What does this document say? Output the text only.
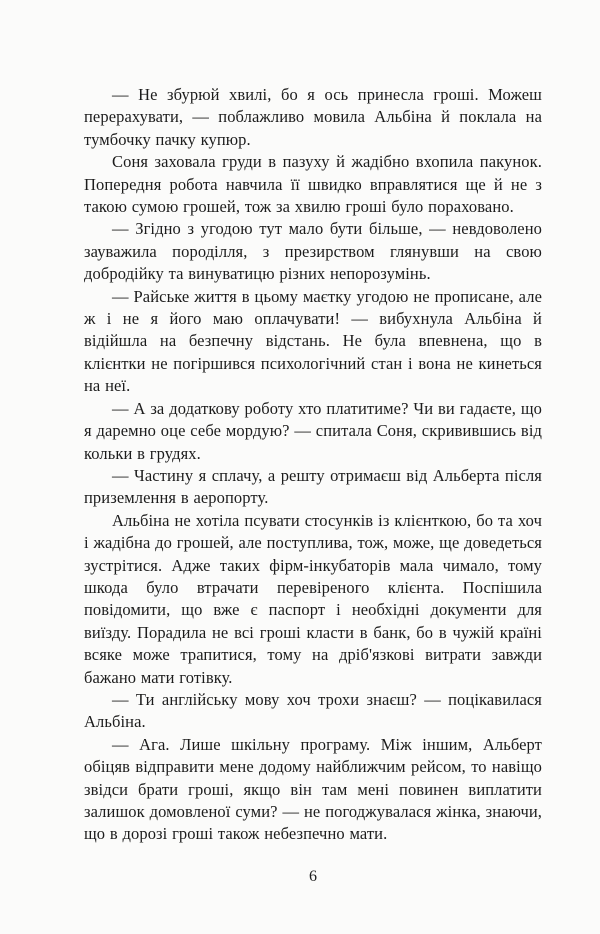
— Не збурюй хвилі, бо я ось принесла гроші. Можеш перерахувати, — поблажливо мовила Альбіна й поклала на тумбочку пачку купюр.

Соня заховала груди в пазуху й жадібно вхопила пакунок. Попередня робота навчила її швидко вправлятися ще й не з такою сумою грошей, тож за хвилю гроші було пораховано.

— Згідно з угодою тут мало бути більше, — невдоволено зауважила породілля, з презирством глянувши на свою добродійку та винуватицю різних непорозумінь.

— Райське життя в цьому маєтку угодою не прописане, але ж і не я його маю оплачувати! — вибухнула Альбіна й відійшла на безпечну відстань. Не була впевнена, що в клієнтки не погіршився психологічний стан і вона не кинеться на неї.

— А за додаткову роботу хто платитиме? Чи ви гадаєте, що я даремно оце себе мордую? — спитала Соня, скривившись від кольки в грудях.

— Частину я сплачу, а решту отримаєш від Альберта після приземлення в аеропорту.

Альбіна не хотіла псувати стосунків із клієнткою, бо та хоч і жадібна до грошей, але поступлива, тож, може, ще доведеться зустрітися. Адже таких фірм-інкубаторів мала чимало, тому шкода було втрачати перевіреного клієнта. Поспішила повідомити, що вже є паспорт і необхідні документи для виїзду. Порадила не всі гроші класти в банк, бо в чужій країні всяке може трапитися, тому на дріб'язкові витрати завжди бажано мати готівку.

— Ти англійську мову хоч трохи знаєш? — поцікавилася Альбіна.

— Ага. Лише шкільну програму. Між іншим, Альберт обіцяв відправити мене додому найближчим рейсом, то навіщо звідси брати гроші, якщо він там мені повинен виплатити залишок домовленої суми? — не погоджувалася жінка, знаючи, що в дорозі гроші також небезпечно мати.

6
